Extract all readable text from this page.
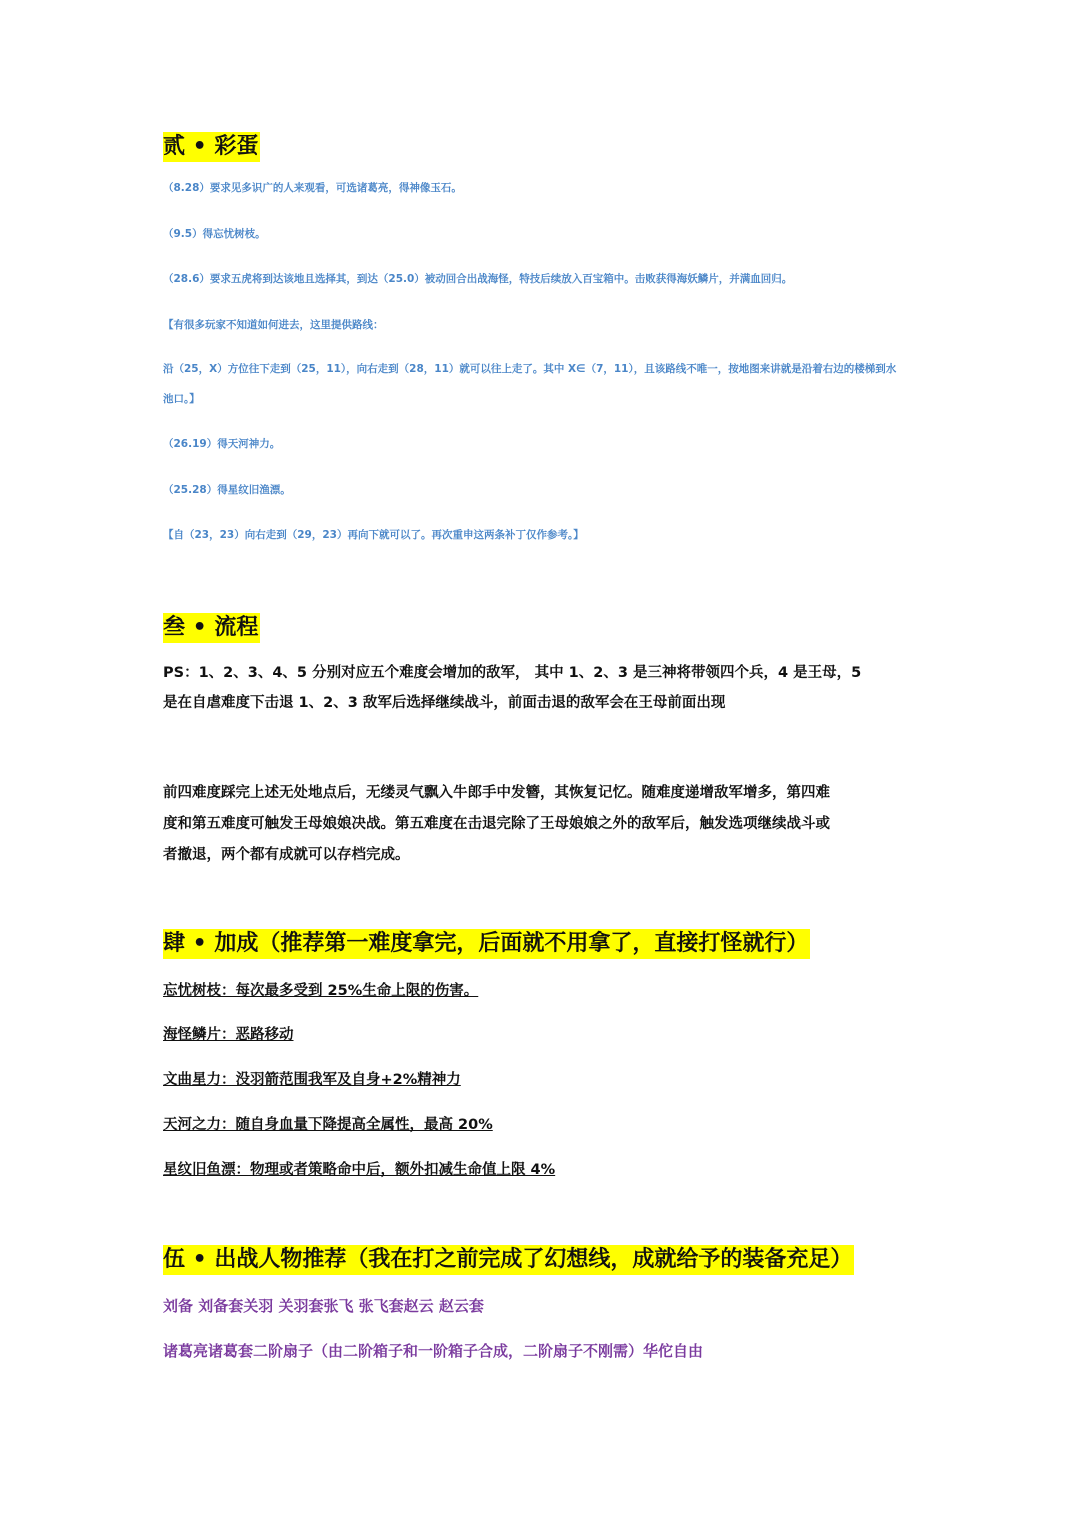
贰 • 彩蛋
（8.28）要求见多识广的人来观看，可选诸葛亮，得神像玉石。
（9.5）得忘忧树枝。
（28.6）要求五虎将到达该地且选择其，到达（25.0）被动回合出战海怪，特技后续放入百宝箱中。击败获得海妖鳞片，并满血回归。
【有很多玩家不知道如何进去，这里提供路线：
沿（25，X）方位往下走到（25，11），向右走到（28，11）就可以往上走了。其中 X∈（7，11），且该路线不唯一，按地图来讲就是沿着右边的楼梯到水
池口。】
（26.19）得天河神力。
（25.28）得星纹旧渔漂。
【自（23，23）向右走到（29，23）再向下就可以了。再次重申这两条补丁仅作参考。】
叁 • 流程
PS：1、2、3、4、5 分别对应五个难度会增加的敌军， 其中 1、2、3 是三神将带领四个兵，4 是王母，5
是在自虐难度下击退 1、2、3 敌军后选择继续战斗，前面击退的敌军会在王母前面出现
前四难度踩完上述无处地点后，无缕灵气飘入牛郎手中发簪，其恢复记忆。随难度递增敌军增多，第四难
度和第五难度可触发王母娘娘决战。第五难度在击退完除了王母娘娘之外的敌军后，触发选项继续战斗或
者撤退，两个都有成就可以存档完成。
肆 • 加成（推荐第一难度拿完，后面就不用拿了，直接打怪就行）
忘忧树枝：每次最多受到 25%生命上限的伤害。
海怪鳞片：恶路移动
文曲星力：没羽箭范围我军及自身+2%精神力
天河之力：随自身血量下降提高全属性，最高 20%
星纹旧鱼漂：物理或者策略命中后，额外扣减生命值上限 4%
伍 • 出战人物推荐（我在打之前完成了幻想线，成就给予的装备充足）
刘备 刘备套关羽 关羽套张飞 张飞套赵云 赵云套
诸葛亮诸葛套二阶扇子（由二阶箱子和一阶箱子合成，二阶扇子不刚需）华佗自由
